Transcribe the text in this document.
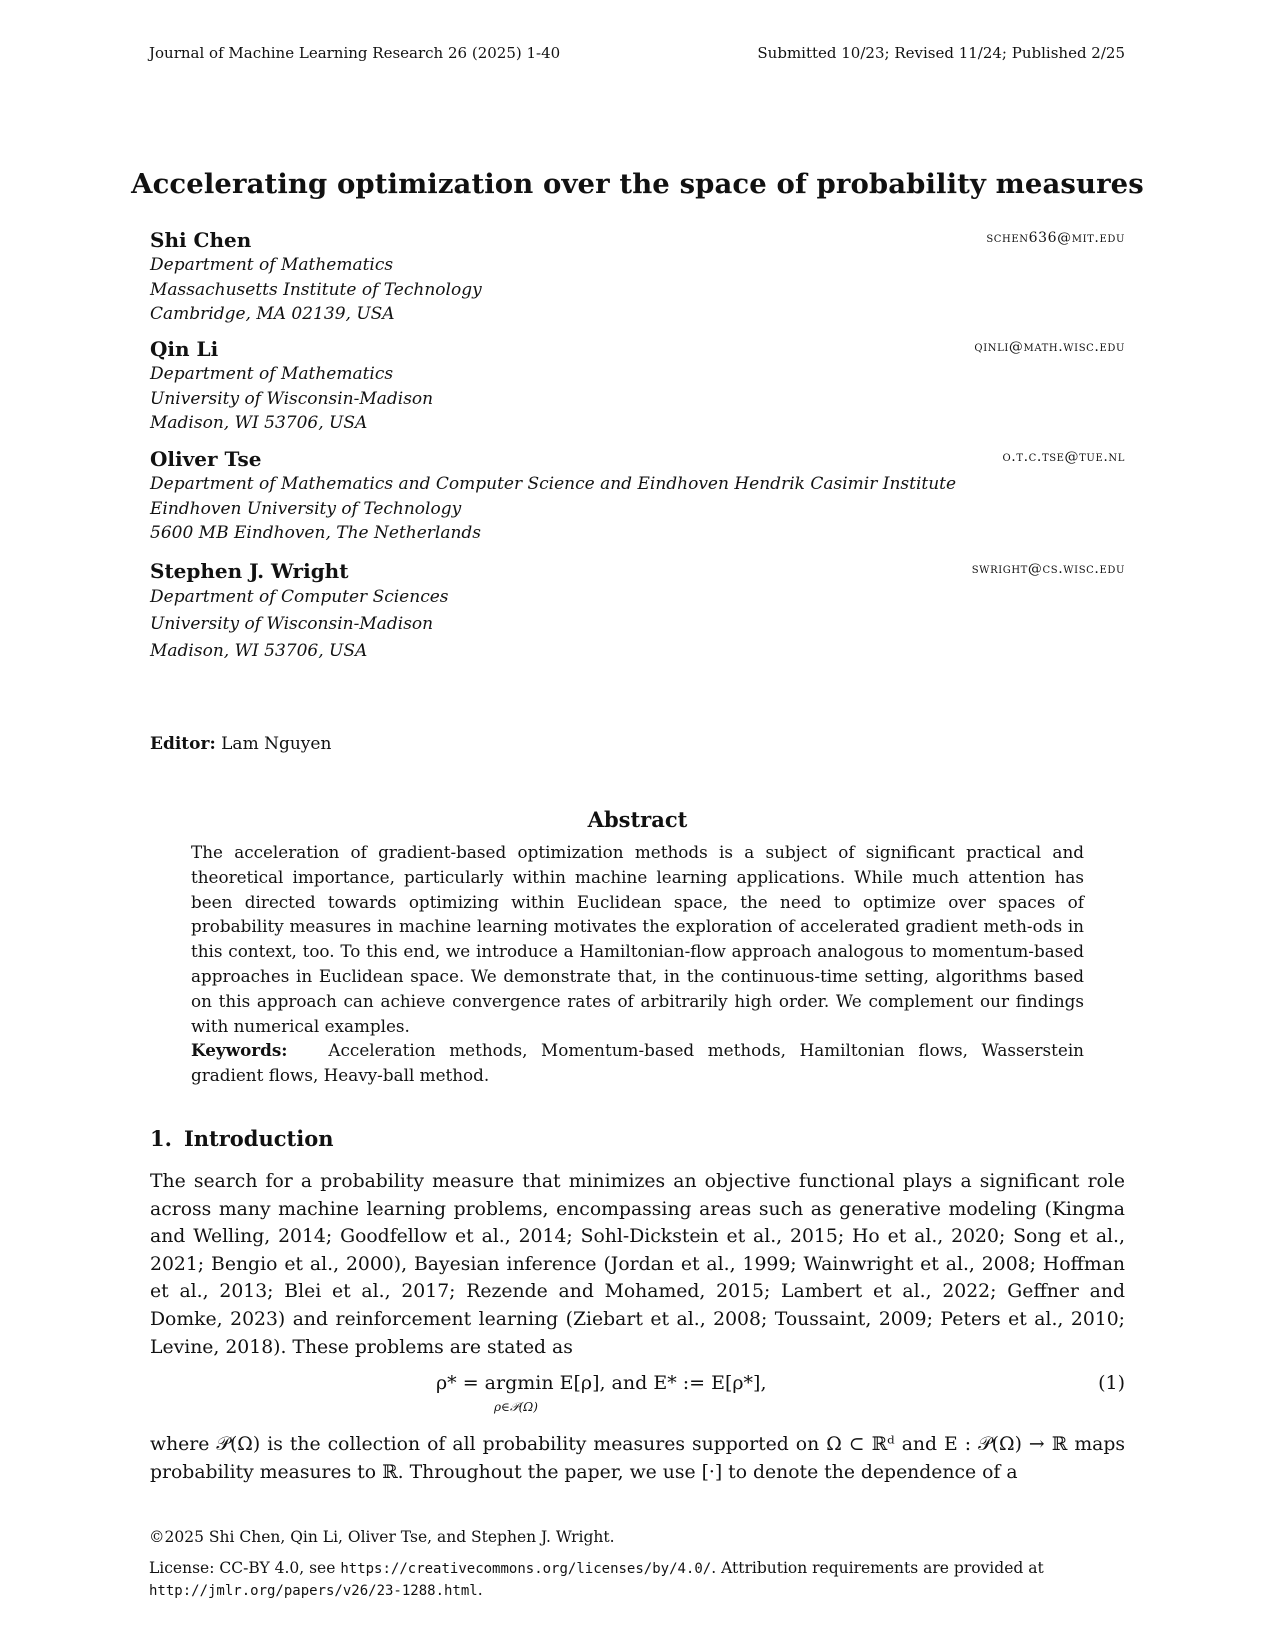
Journal of Machine Learning Research 26 (2025) 1-40	Submitted 10/23; Revised 11/24; Published 2/25
Accelerating optimization over the space of probability measures
Shi Chen	schen636@mit.edu
Department of Mathematics
Massachusetts Institute of Technology
Cambridge, MA 02139, USA
Qin Li	qinli@math.wisc.edu
Department of Mathematics
University of Wisconsin-Madison
Madison, WI 53706, USA
Oliver Tse	o.t.c.tse@tue.nl
Department of Mathematics and Computer Science and Eindhoven Hendrik Casimir Institute
Eindhoven University of Technology
5600 MB Eindhoven, The Netherlands
Stephen J. Wright	swright@cs.wisc.edu
Department of Computer Sciences
University of Wisconsin-Madison
Madison, WI 53706, USA
Editor: Lam Nguyen
Abstract

The acceleration of gradient-based optimization methods is a subject of significant practical and theoretical importance, particularly within machine learning applications. While much attention has been directed towards optimizing within Euclidean space, the need to optimize over spaces of probability measures in machine learning motivates the exploration of accelerated gradient meth-ods in this context, too. To this end, we introduce a Hamiltonian-flow approach analogous to momentum-based approaches in Euclidean space. We demonstrate that, in the continuous-time setting, algorithms based on this approach can achieve convergence rates of arbitrarily high order. We complement our findings with numerical examples.

Keywords: Acceleration methods, Momentum-based methods, Hamiltonian flows, Wasserstein gradient flows, Heavy-ball method.

1. Introduction

The search for a probability measure that minimizes an objective functional plays a significant role across many machine learning problems, encompassing areas such as generative modeling (Kingma and Welling, 2014; Goodfellow et al., 2014; Sohl-Dickstein et al., 2015; Ho et al., 2020; Song et al., 2021; Bengio et al., 2000), Bayesian inference (Jordan et al., 1999; Wainwright et al., 2008; Hoffman et al., 2013; Blei et al., 2017; Rezende and Mohamed, 2015; Lambert et al., 2022; Geffner and Domke, 2023) and reinforcement learning (Ziebart et al., 2008; Toussaint, 2009; Peters et al., 2010; Levine, 2018). These problems are stated as

ρ* = argmin E[ρ], and E* := E[ρ*],
ρ∈𝒫(Ω)
(1)

where 𝒫(Ω) is the collection of all probability measures supported on Ω ⊂ ℝᵈ and E : 𝒫(Ω) → ℝ maps probability measures to ℝ. Throughout the paper, we use [·] to denote the dependence of a

©2025 Shi Chen, Qin Li, Oliver Tse, and Stephen J. Wright.
License: CC-BY 4.0, see https://creativecommons.org/licenses/by/4.0/. Attribution requirements are provided at http://jmlr.org/papers/v26/23-1288.html.
